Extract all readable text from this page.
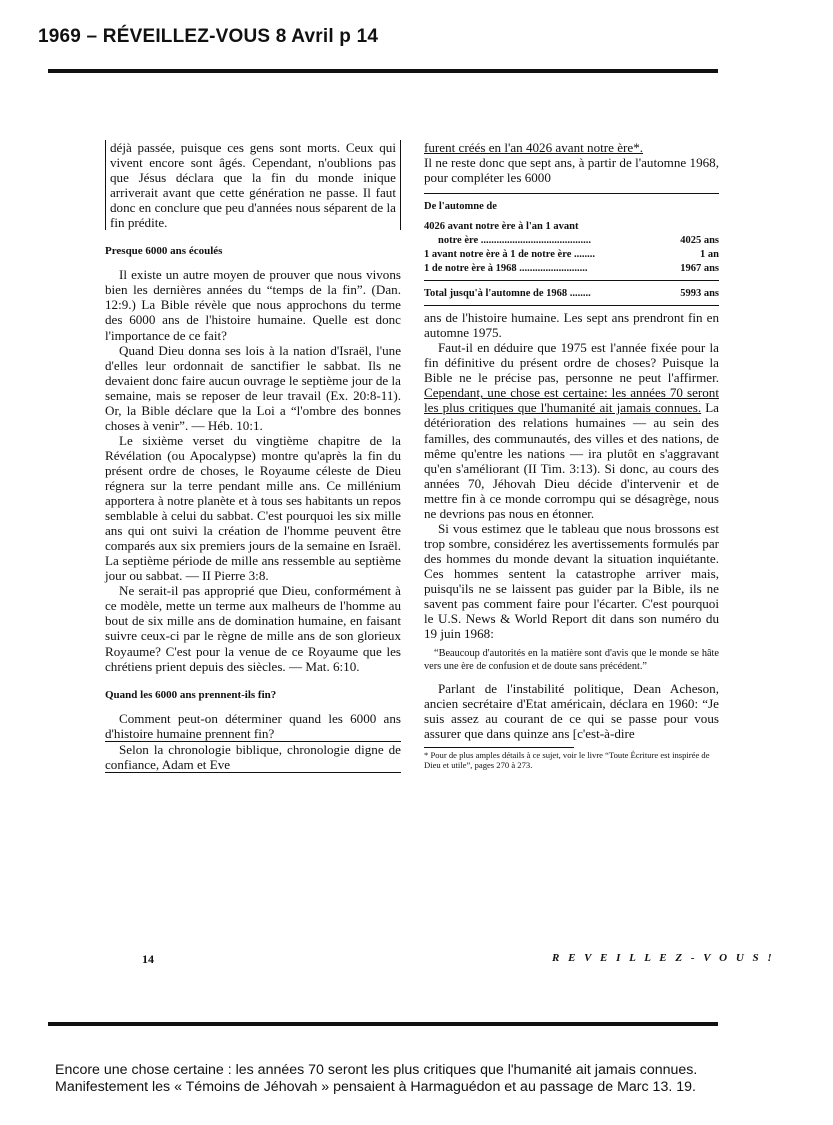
1969 – RÉVEILLEZ-VOUS 8 Avril p 14

déjà passée, puisque ces gens sont morts. Ceux qui vivent encore sont âgés. Cependant, n'oublions pas que Jésus déclara que la fin du monde inique arriverait avant que cette génération ne passe. Il faut donc en conclure que peu d'années nous séparent de la fin prédite.

Presque 6000 ans écoulés

Il existe un autre moyen de prouver que nous vivons bien les dernières années du “temps de la fin”. (Dan. 12:9.) La Bible révèle que nous approchons du terme des 6000 ans de l'histoire humaine. Quelle est donc l'importance de ce fait?

Quand Dieu donna ses lois à la nation d'Israël, l'une d'elles leur ordonnait de sanctifier le sabbat. Ils ne devaient donc faire aucun ouvrage le septième jour de la semaine, mais se reposer de leur travail (Ex. 20:8-11). Or, la Bible déclare que la Loi a “l'ombre des bonnes choses à venir”. — Héb. 10:1.

Le sixième verset du vingtième chapitre de la Révélation (ou Apocalypse) montre qu'après la fin du présent ordre de choses, le Royaume céleste de Dieu régnera sur la terre pendant mille ans. Ce millénium apportera à notre planète et à tous ses habitants un repos semblable à celui du sabbat. C'est pourquoi les six mille ans qui ont suivi la création de l'homme peuvent être comparés aux six premiers jours de la semaine en Israël. La septième période de mille ans ressemble au septième jour ou sabbat. — II Pierre 3:8.

Ne serait-il pas approprié que Dieu, conformément à ce modèle, mette un terme aux malheurs de l'homme au bout de six mille ans de domination humaine, en faisant suivre ceux-ci par le règne de mille ans de son glorieux Royaume? C'est pour la venue de ce Royaume que les chrétiens prient depuis des siècles. — Mat. 6:10.

Quand les 6000 ans prennent-ils fin?

Comment peut-on déterminer quand les 6000 ans d'histoire humaine prennent fin?

Selon la chronologie biblique, chronologie digne de confiance, Adam et Eve

furent créés en l'an 4026 avant notre ère*.

Il ne reste donc que sept ans, à partir de l'automne 1968, pour compléter les 6000

De l'automne de
4026 avant notre ère à l'an 1 avant
notre ère ..........................................	4025 ans
1 avant notre ère à 1 de notre ère ........	1 an
1 de notre ère à 1968 ..........................	1967 ans
Total jusqu'à l'automne de 1968 ........	5993 ans

ans de l'histoire humaine. Les sept ans prendront fin en automne 1975.

Faut-il en déduire que 1975 est l'année fixée pour la fin définitive du présent ordre de choses? Puisque la Bible ne le précise pas, personne ne peut l'affirmer. Cependant, une chose est certaine: les années 70 seront les plus critiques que l'humanité ait jamais connues. La détérioration des relations humaines — au sein des familles, des communautés, des villes et des nations, de même qu'entre les nations — ira plutôt en s'aggravant qu'en s'améliorant (II Tim. 3:13). Si donc, au cours des années 70, Jéhovah Dieu décide d'intervenir et de mettre fin à ce monde corrompu qui se désagrège, nous ne devrions pas nous en étonner.

Si vous estimez que le tableau que nous brossons est trop sombre, considérez les avertissements formulés par des hommes du monde devant la situation inquiétante. Ces hommes sentent la catastrophe arriver mais, puisqu'ils ne se laissent pas guider par la Bible, ils ne savent pas comment faire pour l'écarter. C'est pourquoi le U.S. News & World Report dit dans son numéro du 19 juin 1968:

“Beaucoup d'autorités en la matière sont d'avis que le monde se hâte vers une ère de confusion et de doute sans précédent.”

Parlant de l'instabilité politique, Dean Acheson, ancien secrétaire d'Etat américain, déclara en 1960: “Je suis assez au courant de ce qui se passe pour vous assurer que dans quinze ans [c'est-à-dire

* Pour de plus amples détails à ce sujet, voir le livre “Toute Écriture est inspirée de Dieu et utile”, pages 270 à 273.
14	R E V E I L L E Z - V O U S !
Encore une chose certaine : les années 70 seront les plus critiques que l'humanité ait jamais connues.
Manifestement les « Témoins de Jéhovah » pensaient à Harmaguédon et au passage de Marc 13. 19.
